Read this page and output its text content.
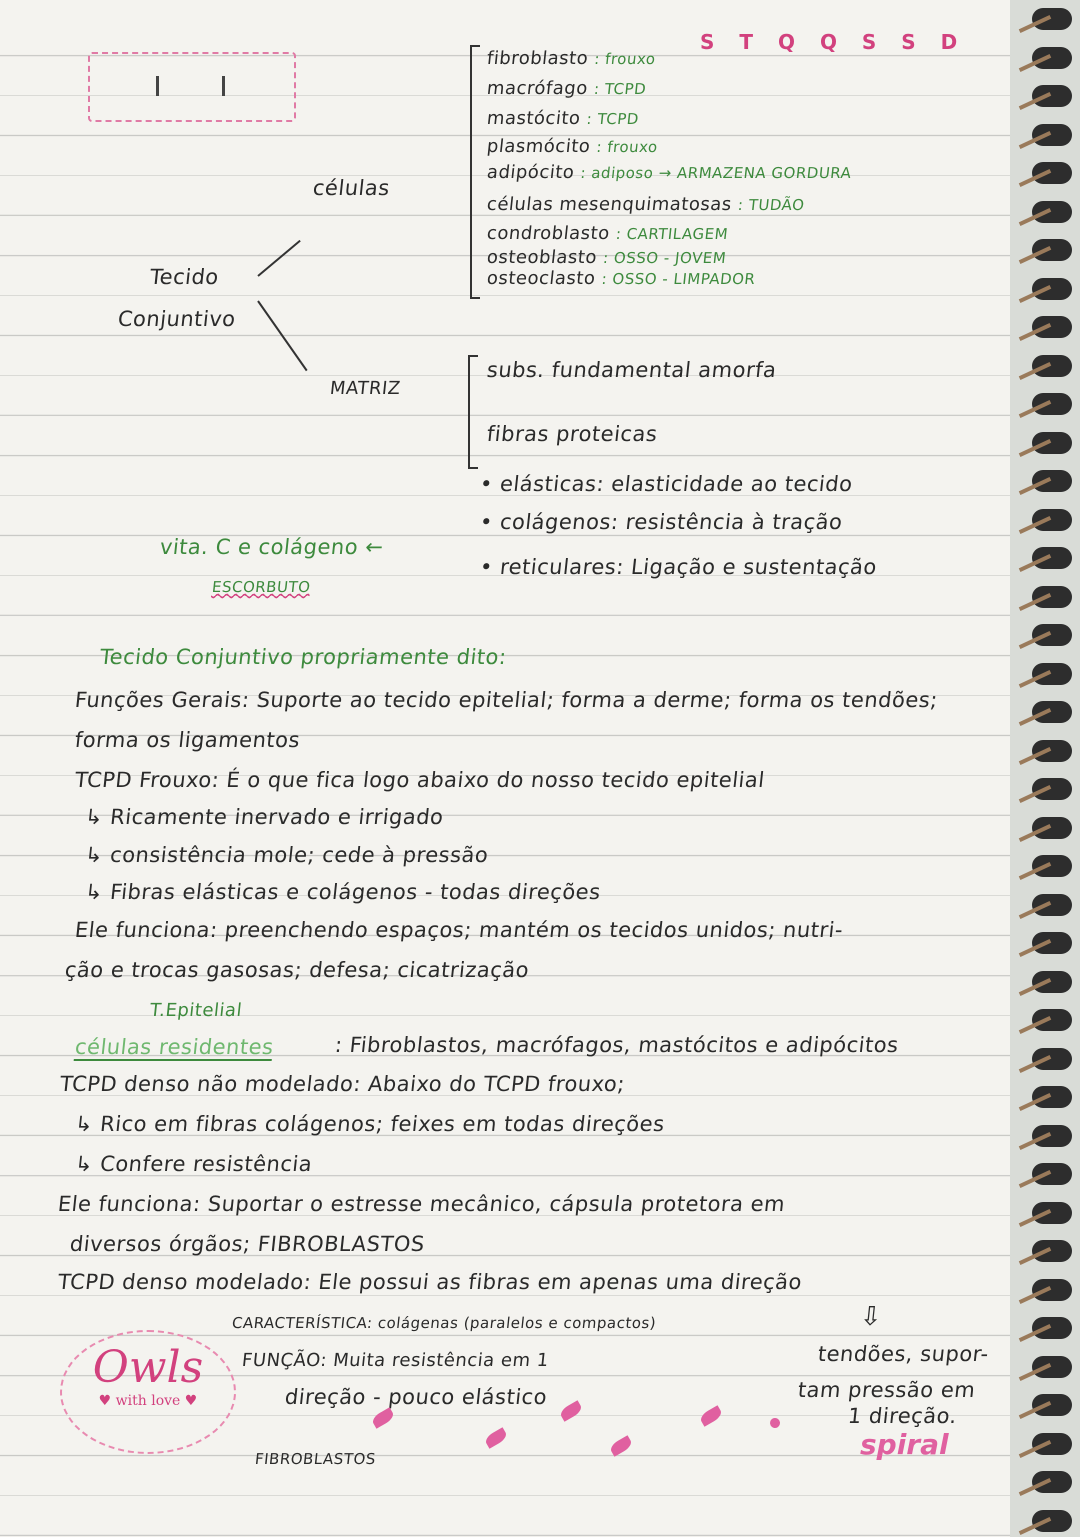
S T Q Q S S D
células
Tecido
Conjuntivo
MATRIZ
fibroblasto : frouxo
macrófago : TCPD
mastócito : TCPD
plasmócito : frouxo
adipócito : adiposo → ARMAZENA GORDURA
células mesenquimatosas : TUDÃO
condroblasto : CARTILAGEM
osteoblasto : OSSO - JOVEM
osteoclasto : OSSO - LIMPADOR
subs. fundamental amorfa
fibras proteicas
• elásticas: elasticidade ao tecido
• colágenos: resistência à tração
• reticulares: Ligação e sustentação
vita. C e colágeno ←
ESCORBUTO
Tecido Conjuntivo propriamente dito:
Funções Gerais: Suporte ao tecido epitelial; forma a derme; forma os tendões;
forma os ligamentos
TCPD Frouxo: É o que fica logo abaixo do nosso tecido epitelial
↳ Ricamente inervado e irrigado
↳ consistência mole; cede à pressão
↳ Fibras elásticas e colágenos - todas direções
Ele funciona: preenchendo espaços; mantém os tecidos unidos; nutri-
ção e trocas gasosas; defesa; cicatrização
T.Epitelial
células residentes	: Fibroblastos, macrófagos, mastócitos e adipócitos
TCPD denso não modelado: Abaixo do TCPD frouxo;
↳ Rico em fibras colágenos; feixes em todas direções
↳ Confere resistência
Ele funciona: Suportar o estresse mecânico, cápsula protetora em
diversos órgãos; FIBROBLASTOS
TCPD denso modelado: Ele possui as fibras em apenas uma direção
CARACTERÍSTICA: colágenas (paralelos e compactos)
FUNÇÃO: Muita resistência em 1
direção - pouco elástico
FIBROBLASTOS
tendões, supor-
tam pressão em
1 direção.
⇩
Owls
♥ with love ♥
spiral
